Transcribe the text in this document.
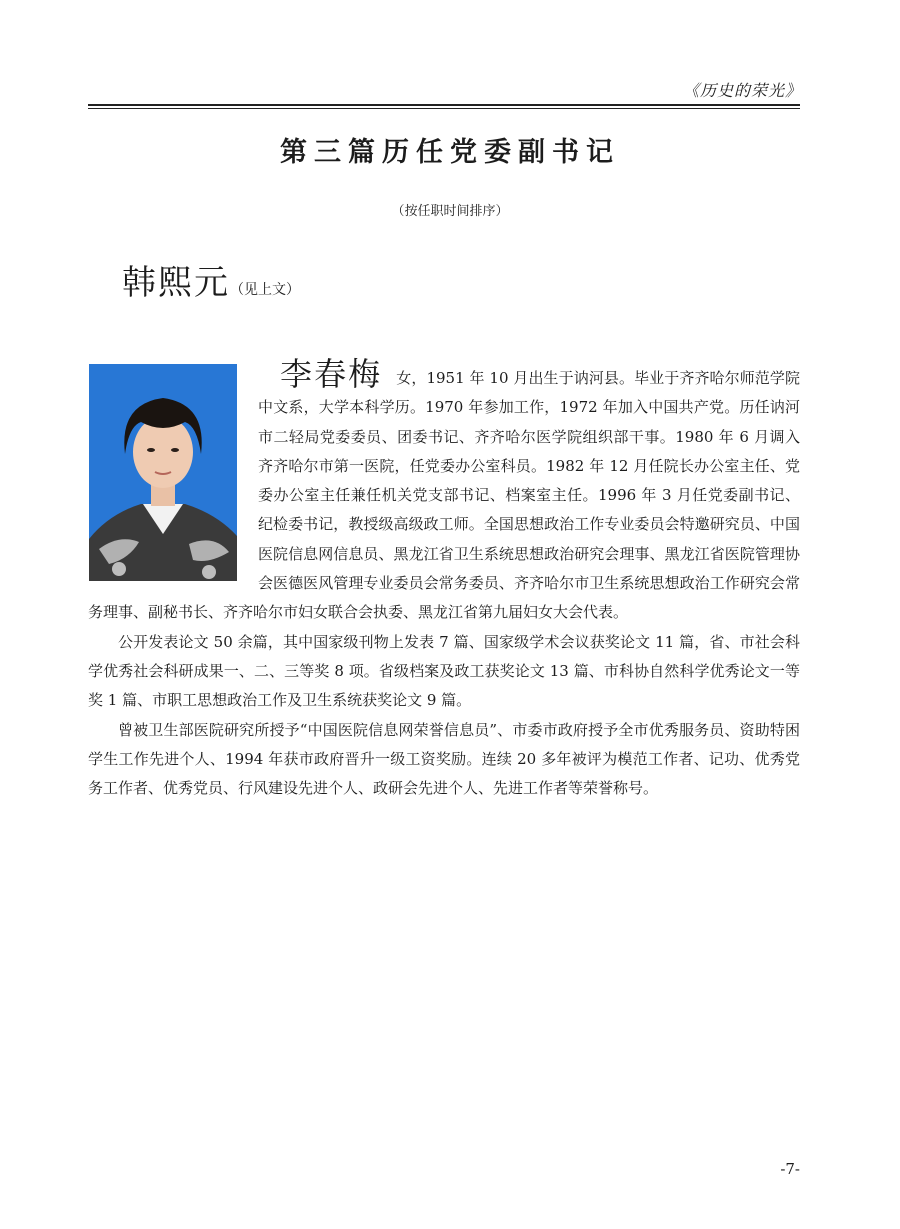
《历史的荣光》
第三篇历任党委副书记
（按任职时间排序）
韩熙元（见上文）

李春梅 女，1951 年 10 月出生于讷河县。毕业于齐齐哈尔师范学院中文系，大学本科学历。1970 年参加工作，1972 年加入中国共产党。历任讷河市二轻局党委委员、团委书记、齐齐哈尔医学院组织部干事。1980 年 6 月调入齐齐哈尔市第一医院，任党委办公室科员。1982 年 12 月任院长办公室主任、党委办公室主任兼任机关党支部书记、档案室主任。1996 年 3 月任党委副书记、纪检委书记，教授级高级政工师。全国思想政治工作专业委员会特邀研究员、中国医院信息网信息员、黑龙江省卫生系统思想政治研究会理事、黑龙江省医院管理协会医德医风管理专业委员会常务委员、齐齐哈尔市卫生系统思想政治工作研究会常务理事、副秘书长、齐齐哈尔市妇女联合会执委、黑龙江省第九届妇女大会代表。

公开发表论文 50 余篇，其中国家级刊物上发表 7 篇、国家级学术会议获奖论文 11 篇，省、市社会科学优秀社会科研成果一、二、三等奖 8 项。省级档案及政工获奖论文 13 篇、市科协自然科学优秀论文一等奖 1 篇、市职工思想政治工作及卫生系统获奖论文 9 篇。

曾被卫生部医院研究所授予“中国医院信息网荣誉信息员”、市委市政府授予全市优秀服务员、资助特困学生工作先进个人、1994 年获市政府晋升一级工资奖励。连续 20 多年被评为模范工作者、记功、优秀党务工作者、优秀党员、行风建设先进个人、政研会先进个人、先进工作者等荣誉称号。

-7-
